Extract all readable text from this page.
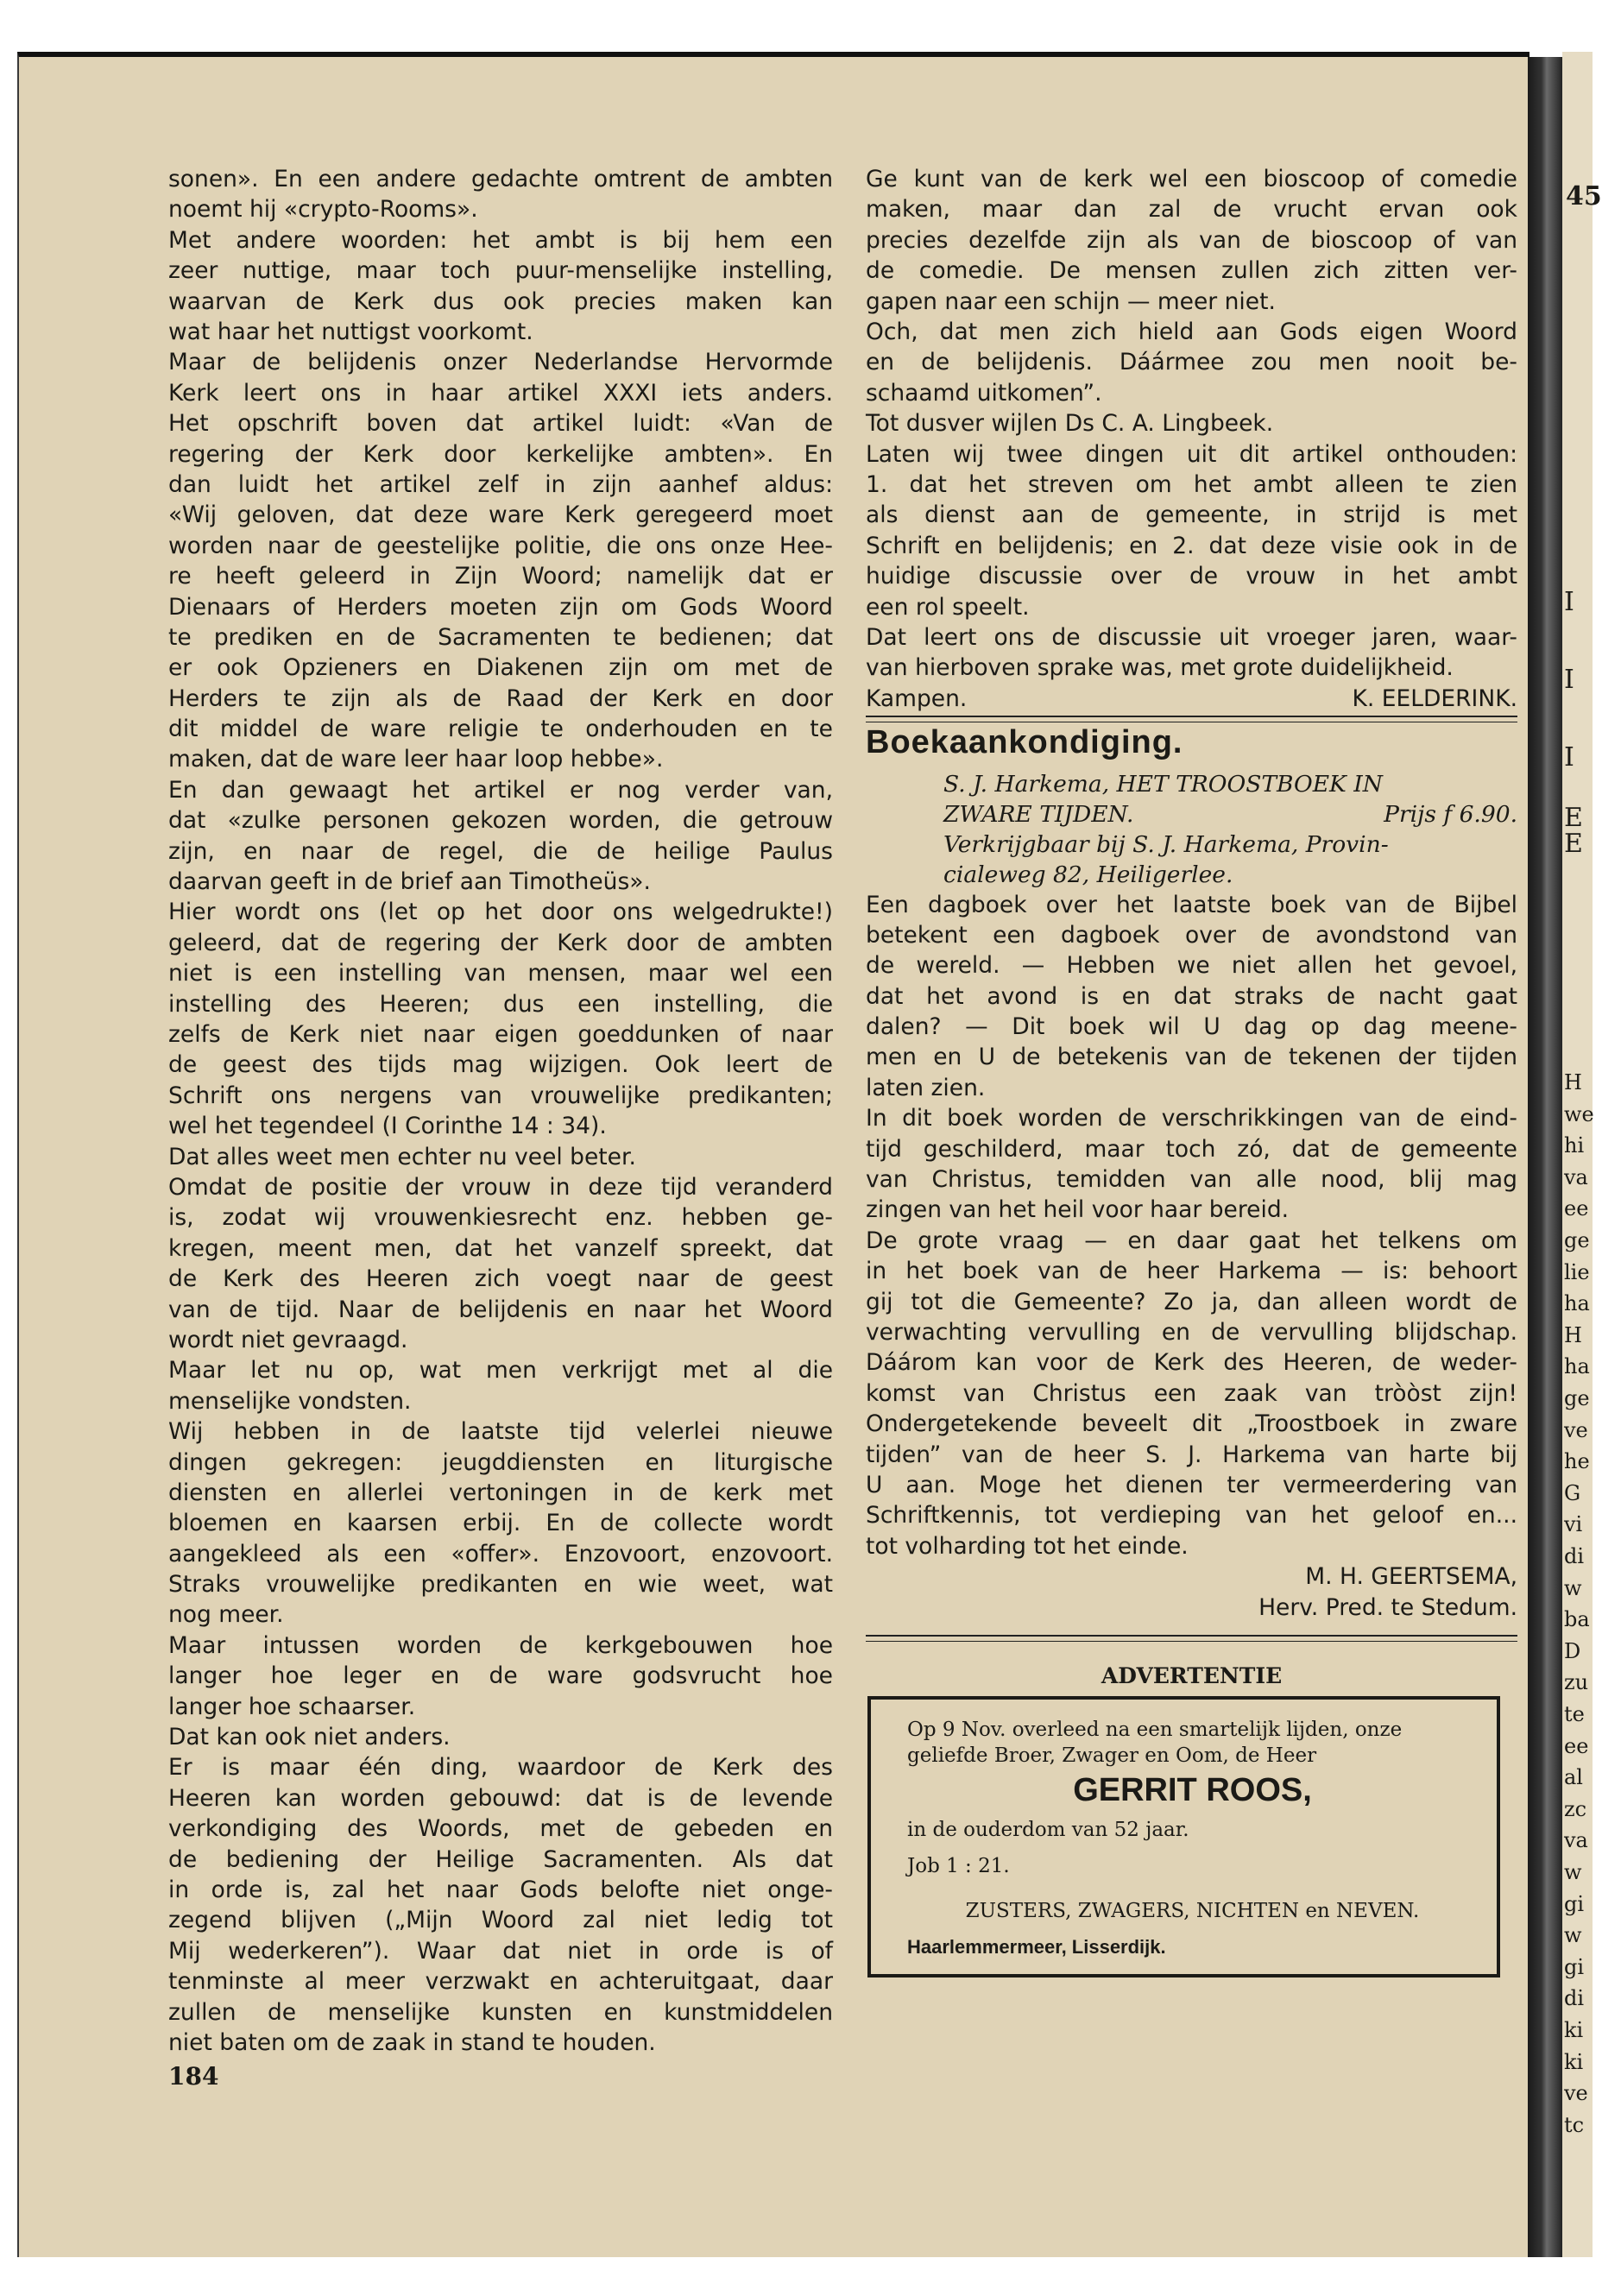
45
I
I
I
E
E
H
we
hi
va
ee
ge
lie
ha
H
ha
ge
ve
he
G
vi
di
w
ba
D
zu
te
ee
al
zc
va
w
gi
w
gi
di
ki
ki
ve
tc
sonen». En een andere gedachte omtrent de ambten
noemt hij «crypto-Rooms».
Met andere woorden: het ambt is bij hem een
zeer nuttige, maar toch puur-menselijke instelling,
waarvan de Kerk dus ook precies maken kan
wat haar het nuttigst voorkomt.
Maar de belijdenis onzer Nederlandse Hervormde
Kerk leert ons in haar artikel XXXI iets anders.
Het opschrift boven dat artikel luidt: «Van de
regering der Kerk door kerkelijke ambten». En
dan luidt het artikel zelf in zijn aanhef aldus:
«Wij geloven, dat deze ware Kerk geregeerd moet
worden naar de geestelijke politie, die ons onze Hee-
re heeft geleerd in Zijn Woord; namelijk dat er
Dienaars of Herders moeten zijn om Gods Woord
te prediken en de Sacramenten te bedienen; dat
er ook Opzieners en Diakenen zijn om met de
Herders te zijn als de Raad der Kerk en door
dit middel de ware religie te onderhouden en te
maken, dat de ware leer haar loop hebbe».
En dan gewaagt het artikel er nog verder van,
dat «zulke personen gekozen worden, die getrouw
zijn, en naar de regel, die de heilige Paulus
daarvan geeft in de brief aan Timotheüs».
Hier wordt ons (let op het door ons welgedrukte!)
geleerd, dat de regering der Kerk door de ambten
niet is een instelling van mensen, maar wel een
instelling des Heeren; dus een instelling, die
zelfs de Kerk niet naar eigen goeddunken of naar
de geest des tijds mag wijzigen. Ook leert de
Schrift ons nergens van vrouwelijke predikanten;
wel het tegendeel (I Corinthe 14 : 34).
Dat alles weet men echter nu veel beter.
Omdat de positie der vrouw in deze tijd veranderd
is, zodat wij vrouwenkiesrecht enz. hebben ge-
kregen, meent men, dat het vanzelf spreekt, dat
de Kerk des Heeren zich voegt naar de geest
van de tijd. Naar de belijdenis en naar het Woord
wordt niet gevraagd.
Maar let nu op, wat men verkrijgt met al die
menselijke vondsten.
Wij hebben in de laatste tijd velerlei nieuwe
dingen gekregen: jeugddiensten en liturgische
diensten en allerlei vertoningen in de kerk met
bloemen en kaarsen erbij. En de collecte wordt
aangekleed als een «offer». Enzovoort, enzovoort.
Straks vrouwelijke predikanten en wie weet, wat
nog meer.
Maar intussen worden de kerkgebouwen hoe
langer hoe leger en de ware godsvrucht hoe
langer hoe schaarser.
Dat kan ook niet anders.
Er is maar één ding, waardoor de Kerk des
Heeren kan worden gebouwd: dat is de levende
verkondiging des Woords, met de gebeden en
de bediening der Heilige Sacramenten. Als dat
in orde is, zal het naar Gods belofte niet onge-
zegend blijven („Mijn Woord zal niet ledig tot
Mij wederkeren”). Waar dat niet in orde is of
tenminste al meer verzwakt en achteruitgaat, daar
zullen de menselijke kunsten en kunstmiddelen
niet baten om de zaak in stand te houden.
184
Ge kunt van de kerk wel een bioscoop of comedie
maken, maar dan zal de vrucht ervan ook
precies dezelfde zijn als van de bioscoop of van
de comedie. De mensen zullen zich zitten ver-
gapen naar een schijn — meer niet.
Och, dat men zich hield aan Gods eigen Woord
en de belijdenis. Dáármee zou men nooit be-
schaamd uitkomen”.
Tot dusver wijlen Ds C. A. Lingbeek.
Laten wij twee dingen uit dit artikel onthouden:
1. dat het streven om het ambt alleen te zien
als dienst aan de gemeente, in strijd is met
Schrift en belijdenis; en 2. dat deze visie ook in de
huidige discussie over de vrouw in het ambt
een rol speelt.
Dat leert ons de discussie uit vroeger jaren, waar-
van hierboven sprake was, met grote duidelijkheid.
Kampen.	K. EELDERINK.
Boekaankondiging.
S. J. Harkema, HET TROOSTBOEK IN
ZWARE TIJDEN.	Prijs f 6.90.
Verkrijgbaar bij S. J. Harkema, Provin-
cialeweg 82, Heiligerlee.
Een dagboek over het laatste boek van de Bijbel
betekent een dagboek over de avondstond van
de wereld. — Hebben we niet allen het gevoel,
dat het avond is en dat straks de nacht gaat
dalen? — Dit boek wil U dag op dag meene-
men en U de betekenis van de tekenen der tijden
laten zien.
In dit boek worden de verschrikkingen van de eind-
tijd geschilderd, maar toch zó, dat de gemeente
van Christus, temidden van alle nood, blij mag
zingen van het heil voor haar bereid.
De grote vraag — en daar gaat het telkens om
in het boek van de heer Harkema — is: behoort
gij tot die Gemeente? Zo ja, dan alleen wordt de
verwachting vervulling en de vervulling blijdschap.
Dáárom kan voor de Kerk des Heeren, de weder-
komst van Christus een zaak van tròòst zijn!
Ondergetekende beveelt dit „Troostboek in zware
tijden” van de heer S. J. Harkema van harte bij
U aan. Moge het dienen ter vermeerdering van
Schriftkennis, tot verdieping van het geloof en...
tot volharding tot het einde.
M. H. GEERTSEMA,
Herv. Pred. te Stedum.
ADVERTENTIE
Op 9 Nov. overleed na een smartelijk lijden, onze
geliefde Broer, Zwager en Oom, de Heer
GERRIT ROOS,
in de ouderdom van 52 jaar.
Job 1 : 21.
ZUSTERS, ZWAGERS, NICHTEN en NEVEN.
Haarlemmermeer, Lisserdijk.
